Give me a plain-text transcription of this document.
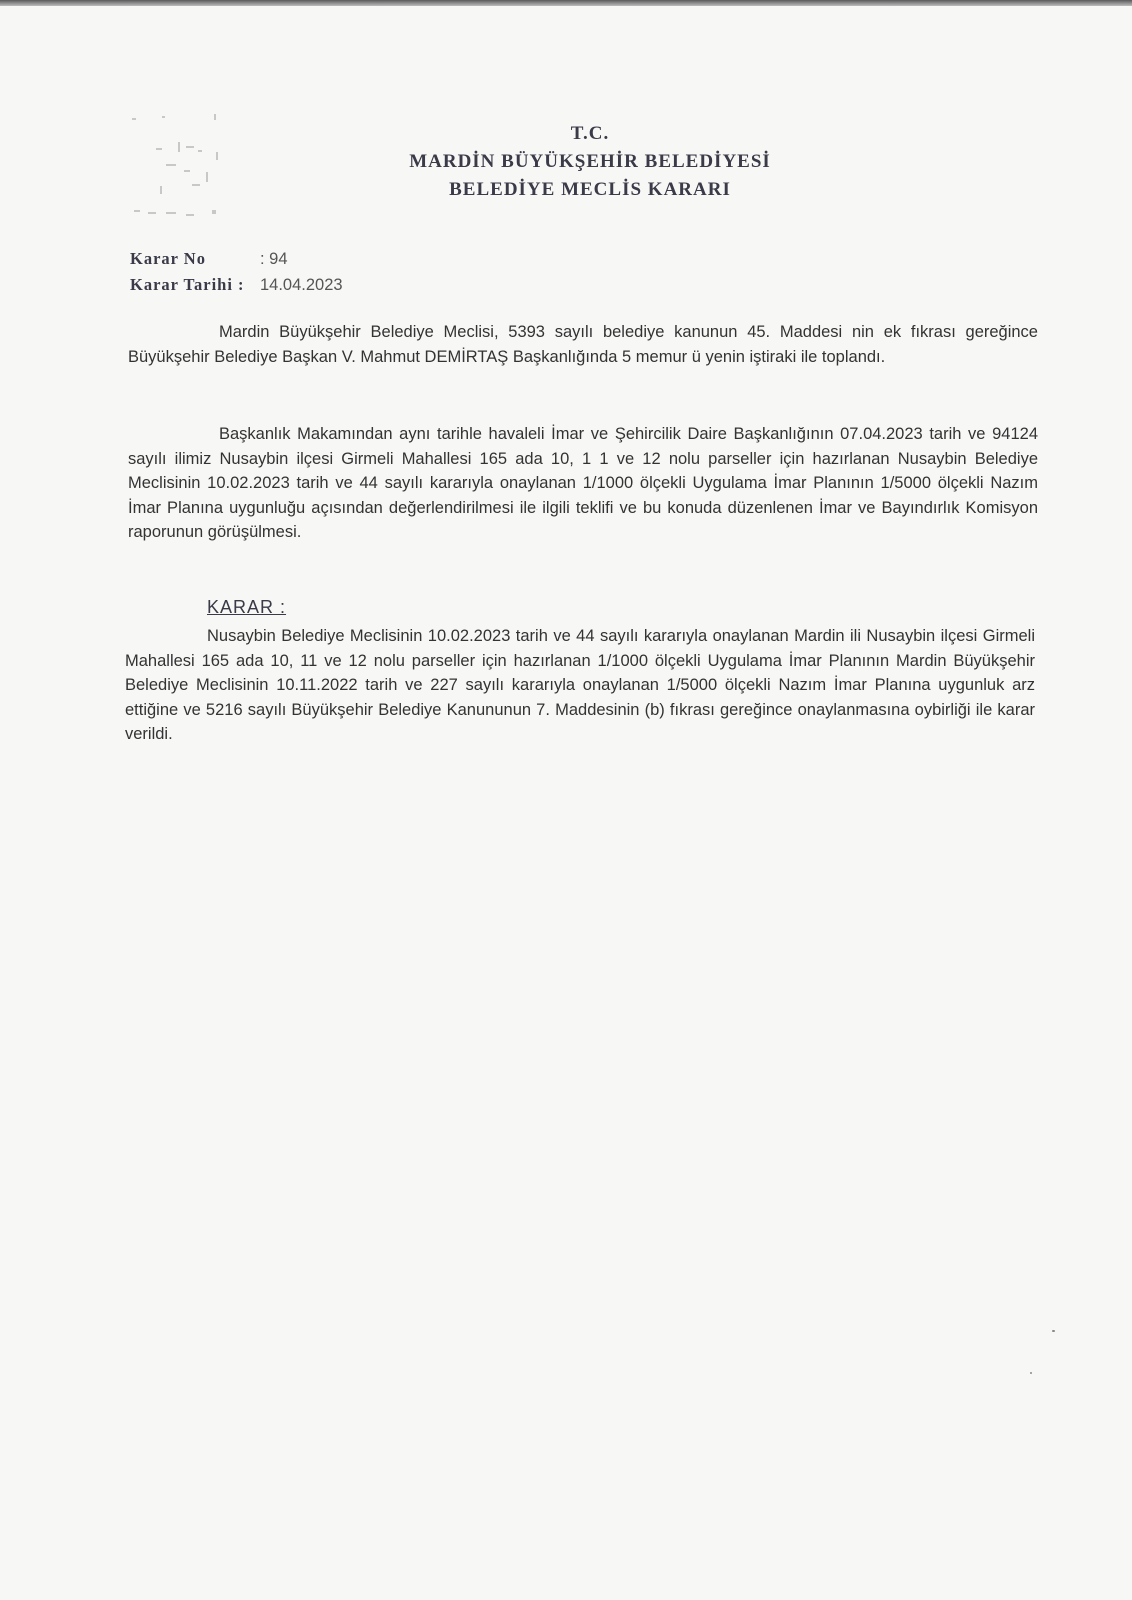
T.C.
MARDİN BÜYÜKŞEHİR BELEDİYESİ
BELEDİYE MECLİS KARARI
Karar No	: 94
Karar Tarihi : 14.04.2023
Mardin Büyükşehir Belediye Meclisi, 5393 sayılı belediye kanunun 45. Maddesi nin ek fıkrası gereğince Büyükşehir Belediye Başkan V. Mahmut DEMİRTAŞ Başkanlığında 5 memur ü yenin iştiraki ile toplandı.
Başkanlık Makamından aynı tarihle havaleli İmar ve Şehircilik Daire Başkanlığının 07.04.2023 tarih ve 94124 sayılı ilimiz Nusaybin ilçesi Girmeli Mahallesi 165 ada 10, 1 1 ve 12 nolu parseller için hazırlanan Nusaybin Belediye Meclisinin 10.02.2023 tarih ve 44 sayılı kararıyla onaylanan 1/1000 ölçekli Uygulama İmar Planının 1/5000 ölçekli Nazım İmar Planına uygunluğu açısından değerlendirilmesi ile ilgili teklifi ve bu konuda düzenlenen İmar ve Bayındırlık Komisyon raporunun görüşülmesi.
KARAR :
Nusaybin Belediye Meclisinin 10.02.2023 tarih ve 44 sayılı kararıyla onaylanan Mardin ili Nusaybin ilçesi Girmeli Mahallesi 165 ada 10, 11 ve 12 nolu parseller için hazırlanan 1/1000 ölçekli Uygulama İmar Planının Mardin Büyükşehir Belediye Meclisinin 10.11.2022 tarih ve 227 sayılı kararıyla onaylanan 1/5000 ölçekli Nazım İmar Planına uygunluk arz ettiğine ve 5216 sayılı Büyükşehir Belediye Kanununun 7. Maddesinin (b) fıkrası gereğince onaylanmasına oybirliği ile karar verildi.
